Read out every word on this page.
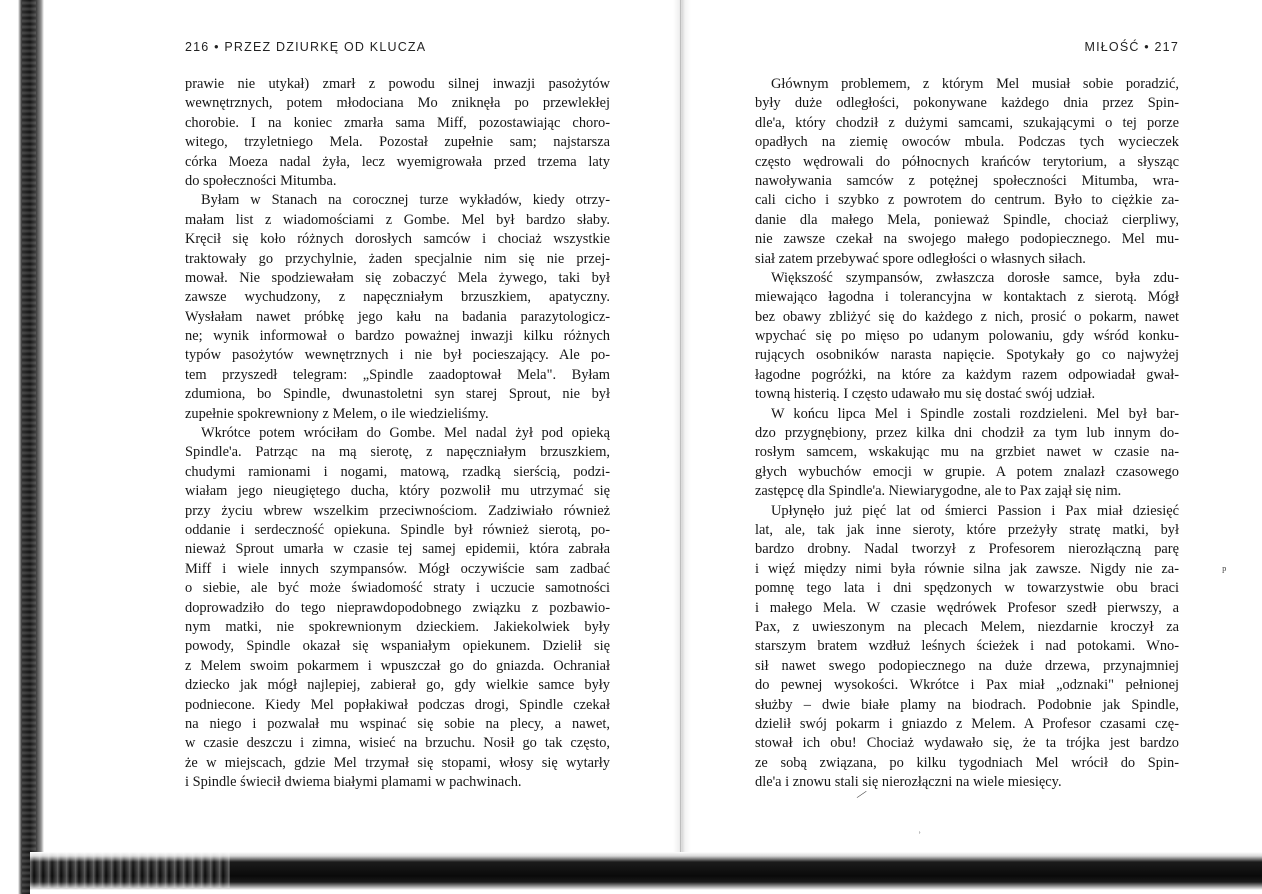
216 • PRZEZ DZIURKĘ OD KLUCZA
prawie nie utykał) zmarł z powodu silnej inwazji pasożytów
wewnętrznych, potem młodociana Mo zniknęła po przewlekłej
chorobie. I na koniec zmarła sama Miff, pozostawiając choro-
witego, trzyletniego Mela. Pozostał zupełnie sam; najstarsza
córka Moeza nadal żyła, lecz wyemigrowała przed trzema laty
do społeczności Mitumba.
Byłam w Stanach na corocznej turze wykładów, kiedy otrzy-
małam list z wiadomościami z Gombe. Mel był bardzo słaby.
Kręcił się koło różnych dorosłych samców i chociaż wszystkie
traktowały go przychylnie, żaden specjalnie nim się nie przej-
mował. Nie spodziewałam się zobaczyć Mela żywego, taki był
zawsze wychudzony, z napęczniałym brzuszkiem, apatyczny.
Wysłałam nawet próbkę jego kału na badania parazytologicz-
ne; wynik informował o bardzo poważnej inwazji kilku różnych
typów pasożytów wewnętrznych i nie był pocieszający. Ale po-
tem przyszedł telegram: „Spindle zaadoptował Mela". Byłam
zdumiona, bo Spindle, dwunastoletni syn starej Sprout, nie był
zupełnie spokrewniony z Melem, o ile wiedzieliśmy.
Wkrótce potem wróciłam do Gombe. Mel nadal żył pod opieką
Spindle'a. Patrząc na mą sierotę, z napęczniałym brzuszkiem,
chudymi ramionami i nogami, matową, rzadką sierścią, podzi-
wiałam jego nieugiętego ducha, który pozwolił mu utrzymać się
przy życiu wbrew wszelkim przeciwnościom. Zadziwiało również
oddanie i serdeczność opiekuna. Spindle był również sierotą, po-
nieważ Sprout umarła w czasie tej samej epidemii, która zabrała
Miff i wiele innych szympansów. Mógł oczywiście sam zadbać
o siebie, ale być może świadomość straty i uczucie samotności
doprowadziło do tego nieprawdopodobnego związku z pozbawio-
nym matki, nie spokrewnionym dzieckiem. Jakiekolwiek były
powody, Spindle okazał się wspaniałym opiekunem. Dzielił się
z Melem swoim pokarmem i wpuszczał go do gniazda. Ochraniał
dziecko jak mógł najlepiej, zabierał go, gdy wielkie samce były
podniecone. Kiedy Mel popłakiwał podczas drogi, Spindle czekał
na niego i pozwalał mu wspinać się sobie na plecy, a nawet,
w czasie deszczu i zimna, wisieć na brzuchu. Nosił go tak często,
że w miejscach, gdzie Mel trzymał się stopami, włosy się wytarły
i Spindle świecił dwiema białymi plamami w pachwinach.
MIŁOŚĆ • 217
Głównym problemem, z którym Mel musiał sobie poradzić,
były duże odległości, pokonywane każdego dnia przez Spin-
dle'a, który chodził z dużymi samcami, szukającymi o tej porze
opadłych na ziemię owoców mbula. Podczas tych wycieczek
często wędrowali do północnych krańców terytorium, a słysząc
nawoływania samców z potężnej społeczności Mitumba, wra-
cali cicho i szybko z powrotem do centrum. Było to ciężkie za-
danie dla małego Mela, ponieważ Spindle, chociaż cierpliwy,
nie zawsze czekał na swojego małego podopiecznego. Mel mu-
siał zatem przebywać spore odległości o własnych siłach.
Większość szympansów, zwłaszcza dorosłe samce, była zdu-
miewająco łagodna i tolerancyjna w kontaktach z sierotą. Mógł
bez obawy zbliżyć się do każdego z nich, prosić o pokarm, nawet
wpychać się po mięso po udanym polowaniu, gdy wśród konku-
rujących osobników narasta napięcie. Spotykały go co najwyżej
łagodne pogróżki, na które za każdym razem odpowiadał gwał-
towną histerią. I często udawało mu się dostać swój udział.
W końcu lipca Mel i Spindle zostali rozdzieleni. Mel był bar-
dzo przygnębiony, przez kilka dni chodził za tym lub innym do-
rosłym samcem, wskakując mu na grzbiet nawet w czasie na-
głych wybuchów emocji w grupie. A potem znalazł czasowego
zastępcę dla Spindle'a. Niewiarygodne, ale to Pax zajął się nim.
Upłynęło już pięć lat od śmierci Passion i Pax miał dziesięć
lat, ale, tak jak inne sieroty, które przeżyły stratę matki, był
bardzo drobny. Nadal tworzył z Profesorem nierozłączną parę
i więź między nimi była równie silna jak zawsze. Nigdy nie za-
pomnę tego lata i dni spędzonych w towarzystwie obu braci
i małego Mela. W czasie wędrówek Profesor szedł pierwszy, a
Pax, z uwieszonym na plecach Melem, niezdarnie kroczył za
starszym bratem wzdłuż leśnych ścieżek i nad potokami. Wno-
sił nawet swego podopiecznego na duże drzewa, przynajmniej
do pewnej wysokości. Wkrótce i Pax miał „odznaki" pełnionej
służby – dwie białe plamy na biodrach. Podobnie jak Spindle,
dzielił swój pokarm i gniazdo z Melem. A Profesor czasami czę-
stował ich obu! Chociaż wydawało się, że ta trójka jest bardzo
ze sobą związana, po kilku tygodniach Mel wrócił do Spin-
dle'a i znowu stali się nierozłączni na wiele miesięcy.
ᵖ
⁄
˒
